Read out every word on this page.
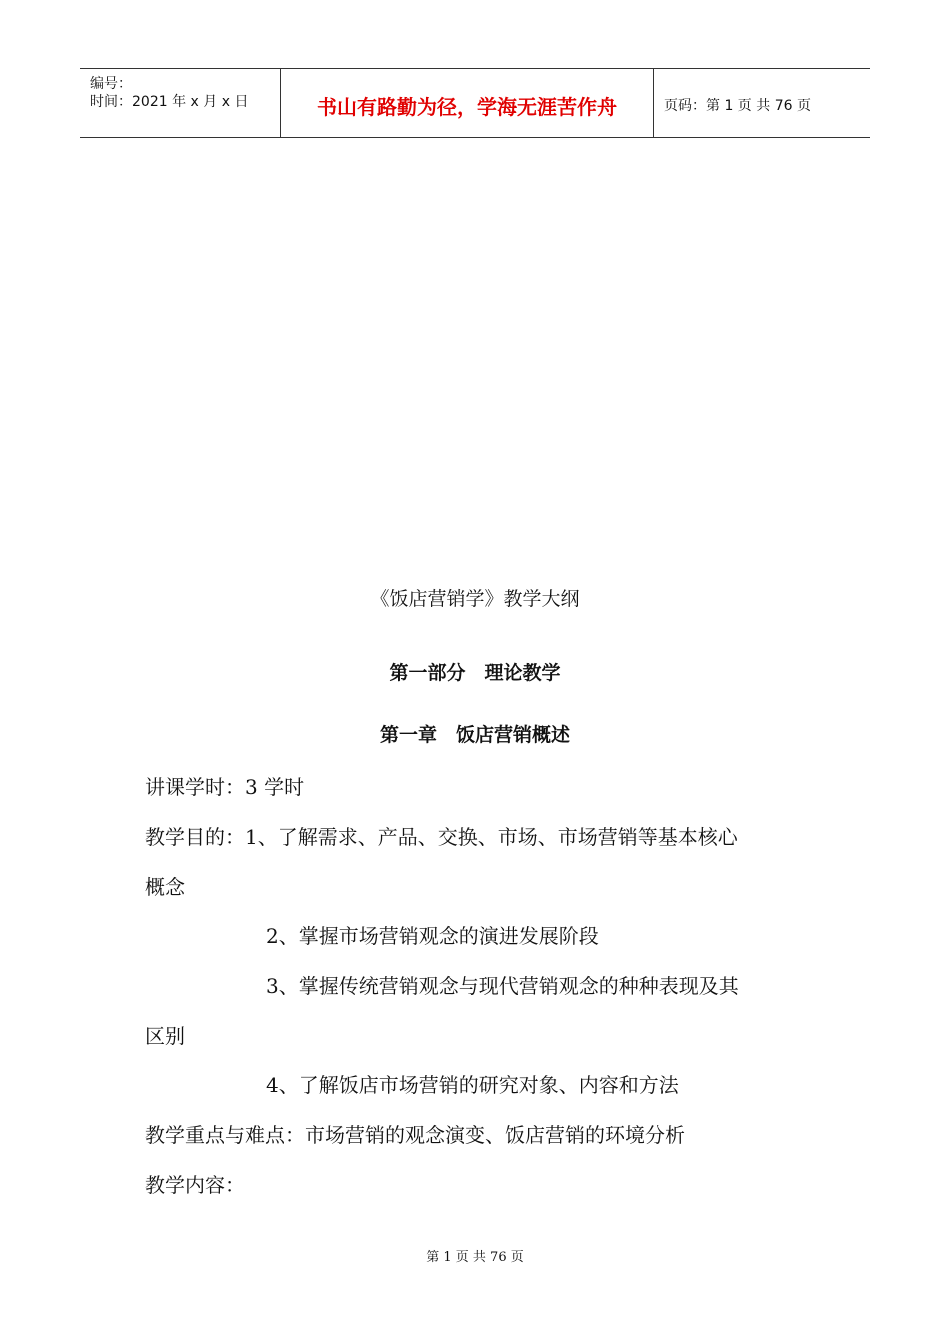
编号：
时间：2021 年 x 月 x 日	书山有路勤为径，学海无涯苦作舟	页码：第 1 页 共 76 页
《饭店营销学》教学大纲
第一部分　理论教学
第一章　饭店营销概述
讲课学时：3 学时
教学目的：1、了解需求、产品、交换、市场、市场营销等基本核心
概念
2、掌握市场营销观念的演进发展阶段
3、掌握传统营销观念与现代营销观念的种种表现及其
区别
4、了解饭店市场营销的研究对象、内容和方法
教学重点与难点：市场营销的观念演变、饭店营销的环境分析
教学内容：
第 1 页 共 76 页
